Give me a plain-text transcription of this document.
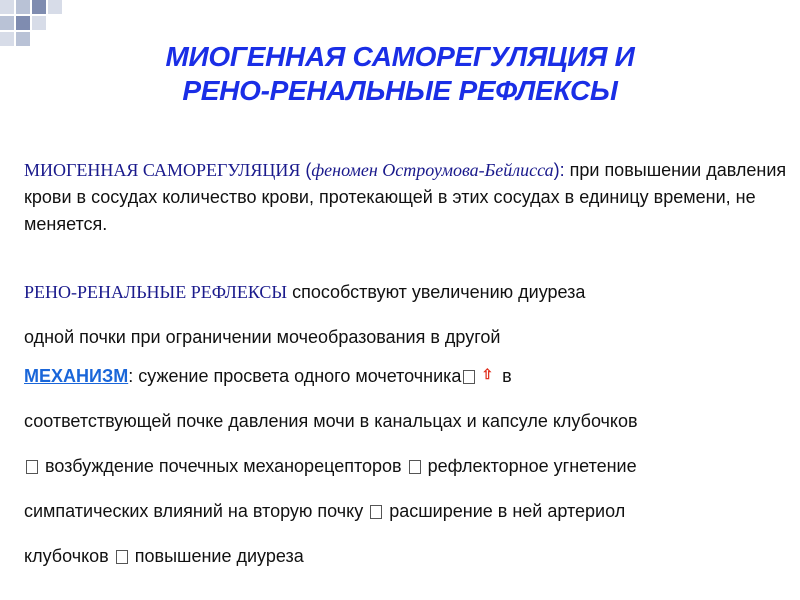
МИОГЕННАЯ САМОРЕГУЛЯЦИЯ И
РЕНО-РЕНАЛЬНЫЕ РЕФЛЕКСЫ
МИОГЕННАЯ САМОРЕГУЛЯЦИЯ (феномен Остроумова-Бейлисса): при повышении давления крови в сосудах количество крови, протекающей в этих сосудах в единицу времени, не меняется.
РЕНО-РЕНАЛЬНЫЕ РЕФЛЕКСЫ способствуют увеличению диуреза
одной почки при ограничении мочеобразования в другой
МЕХАНИЗМ: сужение просвета одного мочеточника ⇧ в
соответствующей почке давления мочи в канальцах и капсуле клубочков
возбуждение почечных механорецепторов  рефлекторное угнетение
симпатических влияний на вторую почку  расширение в ней артериол
клубочков  повышение диуреза
